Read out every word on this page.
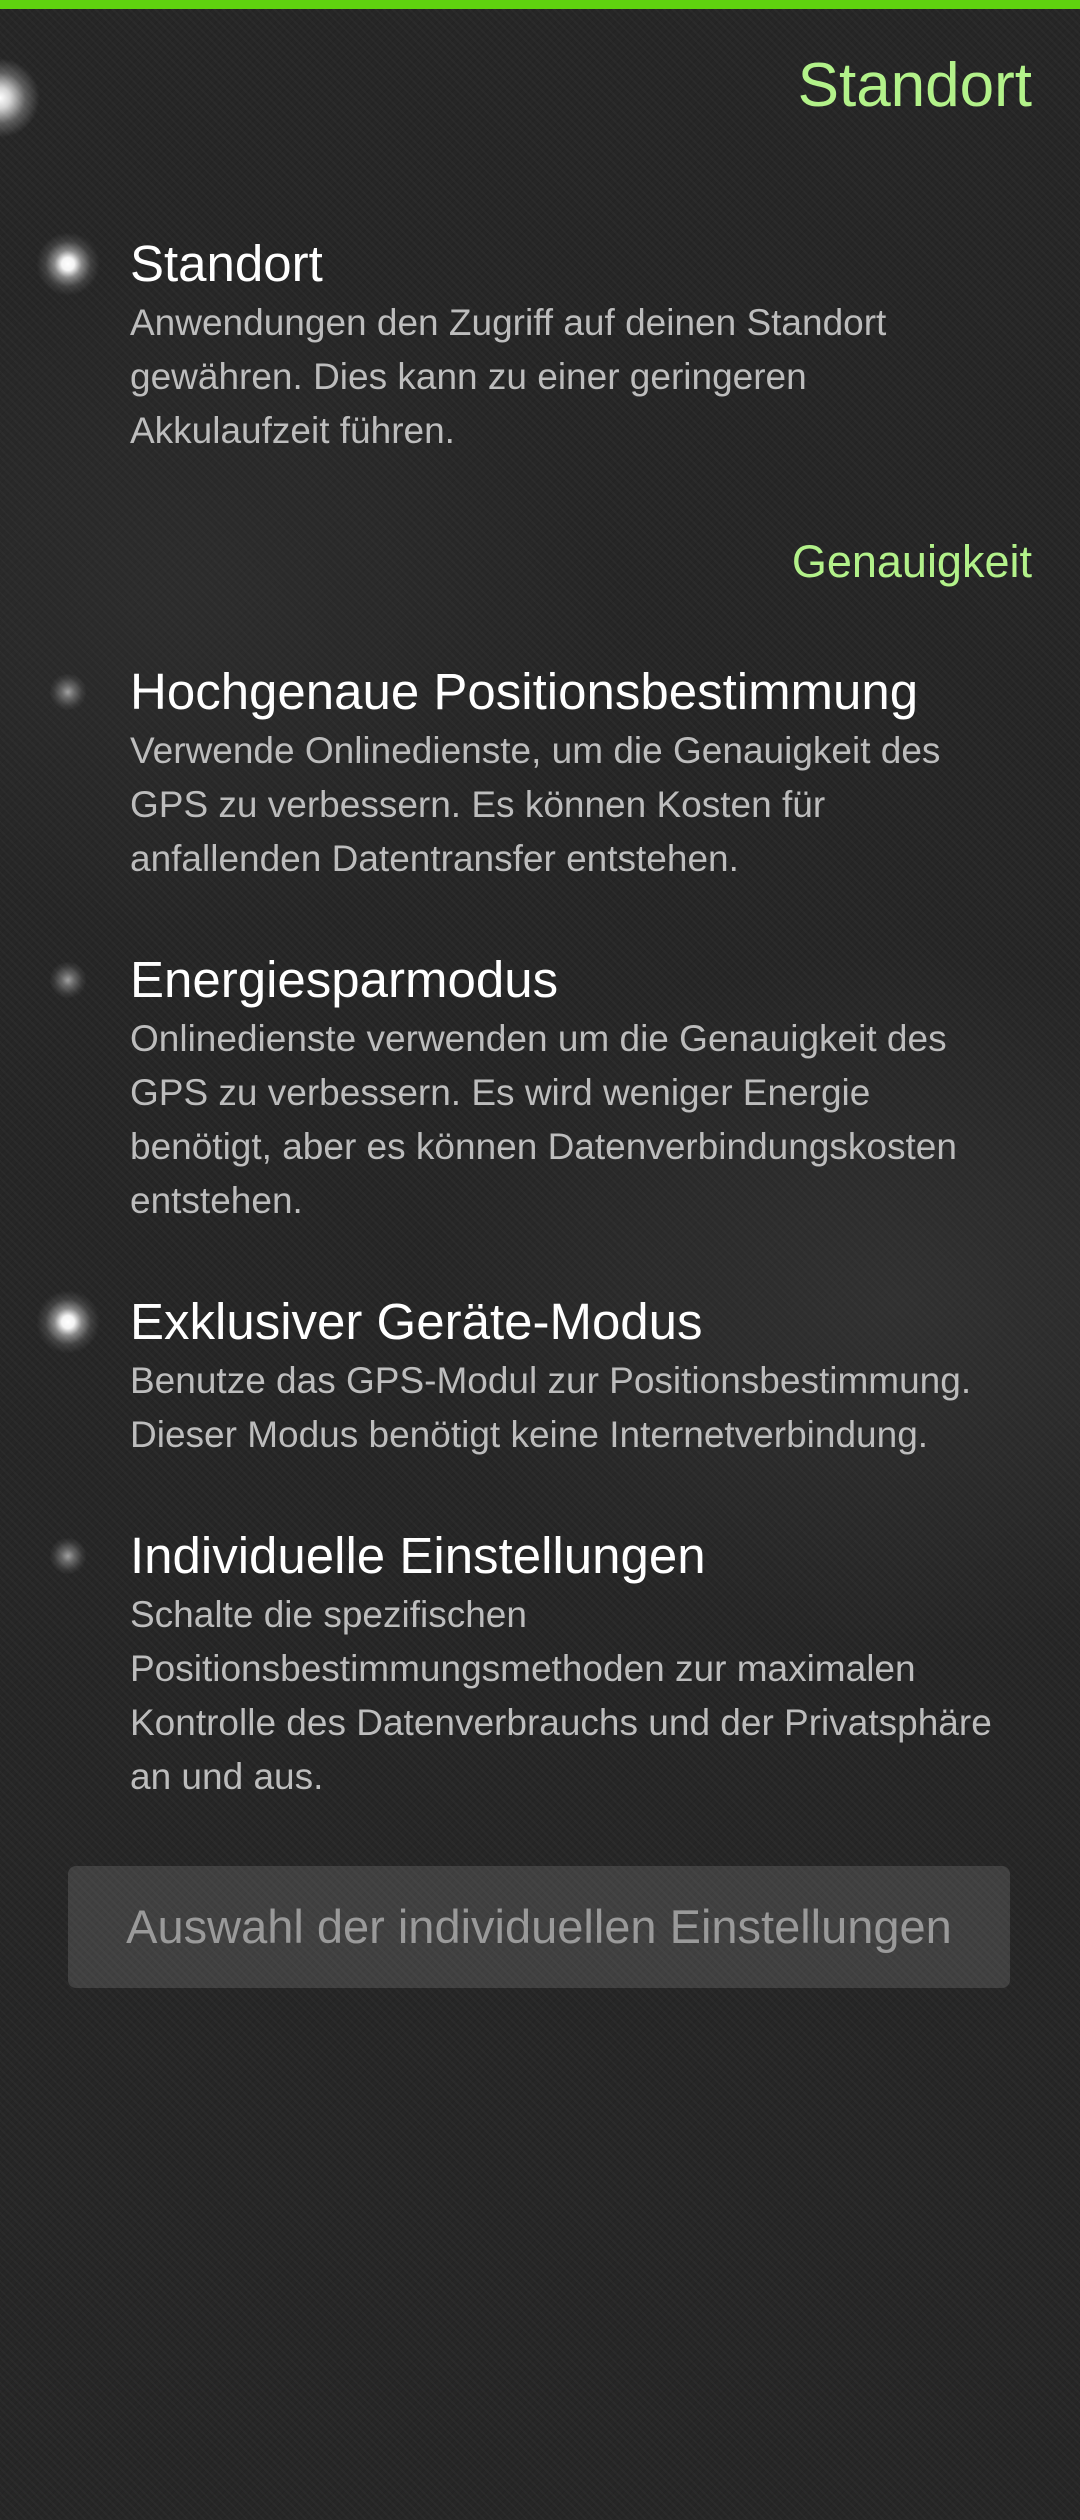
Standort
Standort

Anwendungen den Zugriff auf deinen Standort gewähren. Dies kann zu einer geringeren Akkulaufzeit führen.

Genauigkeit
Hochgenaue Positionsbestimmung

Verwende Onlinedienste, um die Genauigkeit des GPS zu verbessern. Es können Kosten für anfallenden Datentransfer entstehen.

Energiesparmodus

Onlinedienste verwenden um die Genauigkeit des GPS zu verbessern. Es wird weniger Energie benötigt, aber es können Datenverbindungskosten entstehen.

Exklusiver Geräte-Modus

Benutze das GPS-Modul zur Positionsbestimmung. Dieser Modus benötigt keine Internetverbindung.

Individuelle Einstellungen

Schalte die spezifischen Positionsbestimmungsmethoden zur maximalen Kontrolle des Datenverbrauchs und der Privatsphäre an und aus.

Auswahl der individuellen Einstellungen
